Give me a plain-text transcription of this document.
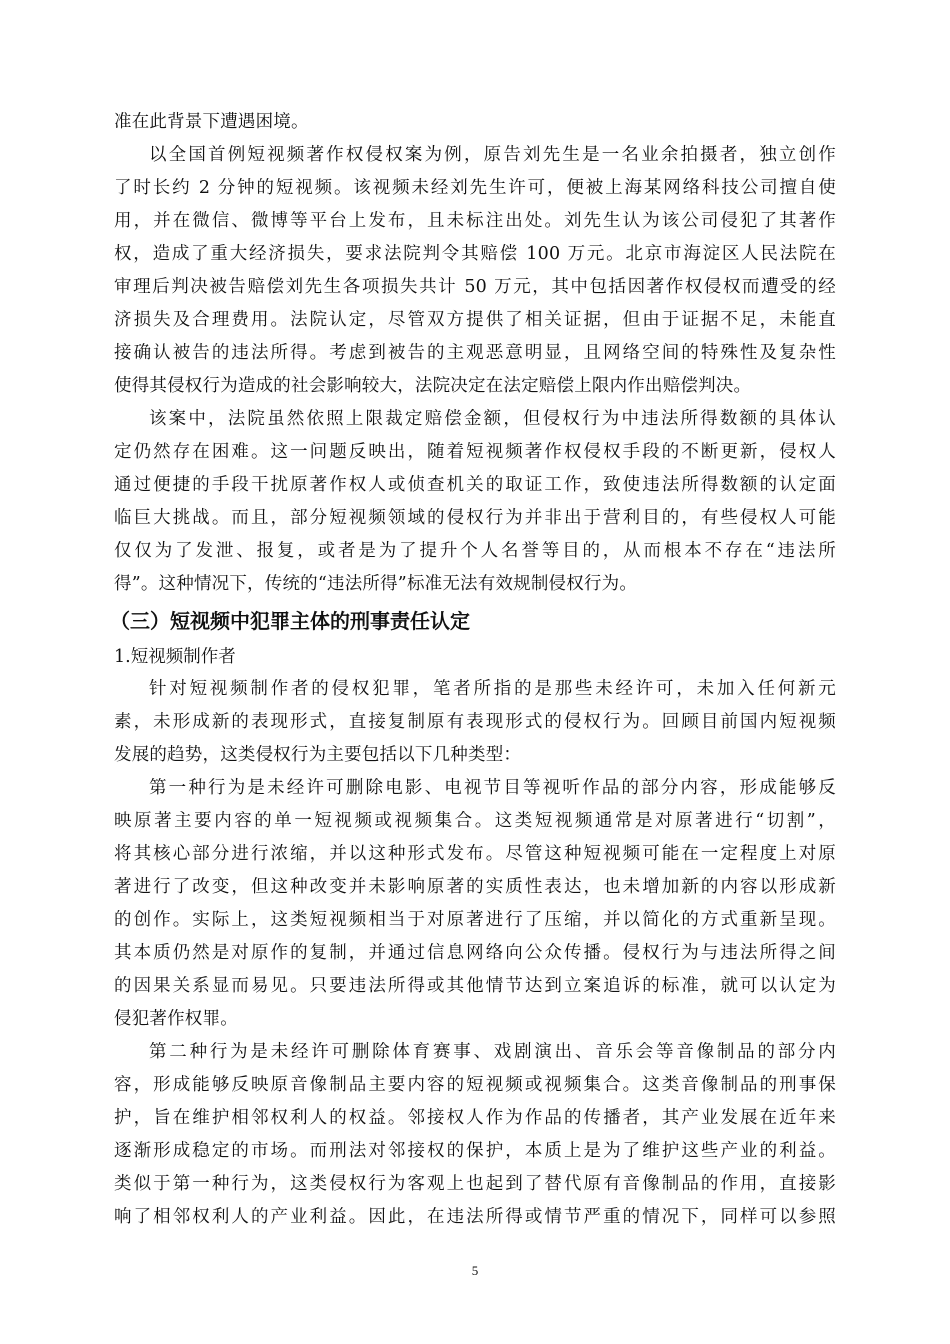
准在此背景下遭遇困境。
以全国首例短视频著作权侵权案为例，原告刘先生是一名业余拍摄者，独立创作
了时长约 2 分钟的短视频。该视频未经刘先生许可，便被上海某网络科技公司擅自使
用，并在微信、微博等平台上发布，且未标注出处。刘先生认为该公司侵犯了其著作
权，造成了重大经济损失，要求法院判令其赔偿 100 万元。北京市海淀区人民法院在
审理后判决被告赔偿刘先生各项损失共计 50 万元，其中包括因著作权侵权而遭受的经
济损失及合理费用。法院认定，尽管双方提供了相关证据，但由于证据不足，未能直
接确认被告的违法所得。考虑到被告的主观恶意明显，且网络空间的特殊性及复杂性
使得其侵权行为造成的社会影响较大，法院决定在法定赔偿上限内作出赔偿判决。
该案中，法院虽然依照上限裁定赔偿金额，但侵权行为中违法所得数额的具体认
定仍然存在困难。这一问题反映出，随着短视频著作权侵权手段的不断更新，侵权人
通过便捷的手段干扰原著作权人或侦查机关的取证工作，致使违法所得数额的认定面
临巨大挑战。而且，部分短视频领域的侵权行为并非出于营利目的，有些侵权人可能
仅仅为了发泄、报复，或者是为了提升个人名誉等目的，从而根本不存在“违法所
得”。这种情况下，传统的“违法所得”标准无法有效规制侵权行为。
（三）短视频中犯罪主体的刑事责任认定
1.短视频制作者
针对短视频制作者的侵权犯罪，笔者所指的是那些未经许可，未加入任何新元
素，未形成新的表现形式，直接复制原有表现形式的侵权行为。回顾目前国内短视频
发展的趋势，这类侵权行为主要包括以下几种类型：
第一种行为是未经许可删除电影、电视节目等视听作品的部分内容，形成能够反
映原著主要内容的单一短视频或视频集合。这类短视频通常是对原著进行“切割”，
将其核心部分进行浓缩，并以这种形式发布。尽管这种短视频可能在一定程度上对原
著进行了改变，但这种改变并未影响原著的实质性表达，也未增加新的内容以形成新
的创作。实际上，这类短视频相当于对原著进行了压缩，并以简化的方式重新呈现。
其本质仍然是对原作的复制，并通过信息网络向公众传播。侵权行为与违法所得之间
的因果关系显而易见。只要违法所得或其他情节达到立案追诉的标准，就可以认定为
侵犯著作权罪。
第二种行为是未经许可删除体育赛事、戏剧演出、音乐会等音像制品的部分内
容，形成能够反映原音像制品主要内容的短视频或视频集合。这类音像制品的刑事保
护，旨在维护相邻权利人的权益。邻接权人作为作品的传播者，其产业发展在近年来
逐渐形成稳定的市场。而刑法对邻接权的保护，本质上是为了维护这些产业的利益。
类似于第一种行为，这类侵权行为客观上也起到了替代原有音像制品的作用，直接影
响了相邻权利人的产业利益。因此，在违法所得或情节严重的情况下，同样可以参照
5
